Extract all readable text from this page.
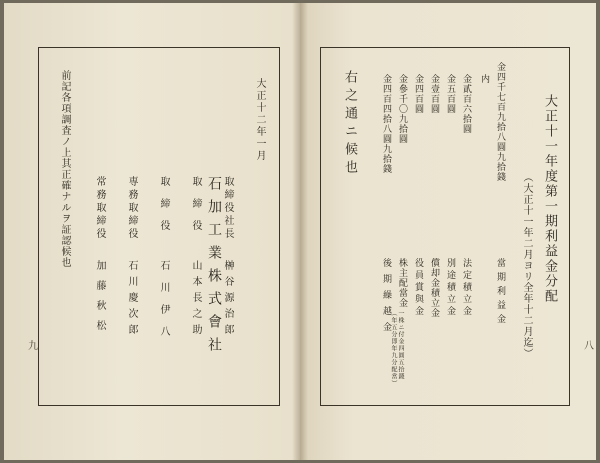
前記各項調査ノ上其正確ナルヲ証認候也
加藤秋松
常務取締役
石川慶次郎
専務取締役
石川伊八
取締役
山本長之助
取締役
榊谷源治郎
取締役社長
石加工業株式會社
大正十二年一月
九
右之通ニ候也	金四百四拾八圓九拾錢
後期繰越金
金參千〇九拾圓
株主配當金
一株ニ付金四圓五拾錢
（年五分即年九分配當）
金四百圓
役員賞與金
金壹百圓
償却金積立金
金五百圓
別途積立金
金貳百六拾圓
法定積立金
内 金四千七百九拾八圓九拾錢
當期利益金 （大正十一年二月ヨリ全年十二月迄） 大正十一年度第一期利益金分配
八
